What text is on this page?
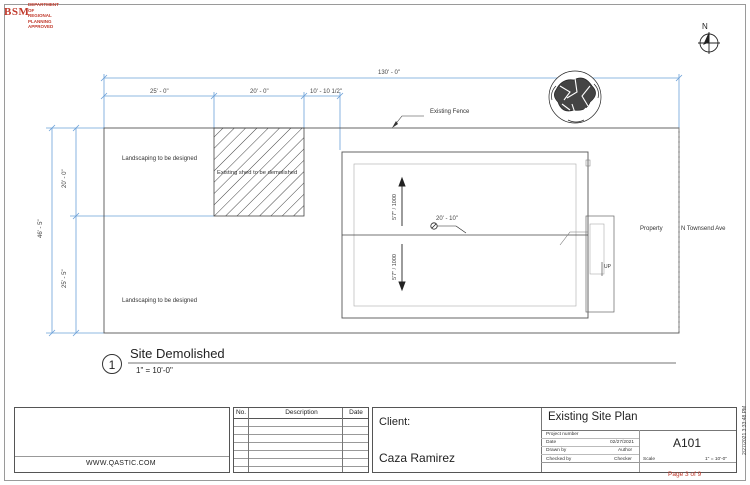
BSM
DEPARTMENT OF
REGIONAL PLANNING APPROVED
130' - 0"
25' - 0"	20' - 0"	10' - 10 1/2"
46' - 5"
20' - 0"
25' - 5"
5'7" / 1000
5'7" / 1000
20' - 10"
Existing Fence
Landscaping to be designed
Landscaping to be designed
Existing shed to be demolished
Property	N Townsend Ave
UP
N
1
Site Demolished
1" = 10'-0"
WWW.QASTIC.COM
No.	Description	Date
Client:
Caza Ramirez
Existing Site Plan
Project number
Date	02/27/2021
Drawn by	Author
Checked by	Checker
A101
Scale	1" = 10'-0"
Page 3 of 9
2/27/2021 3:33:48 PM
